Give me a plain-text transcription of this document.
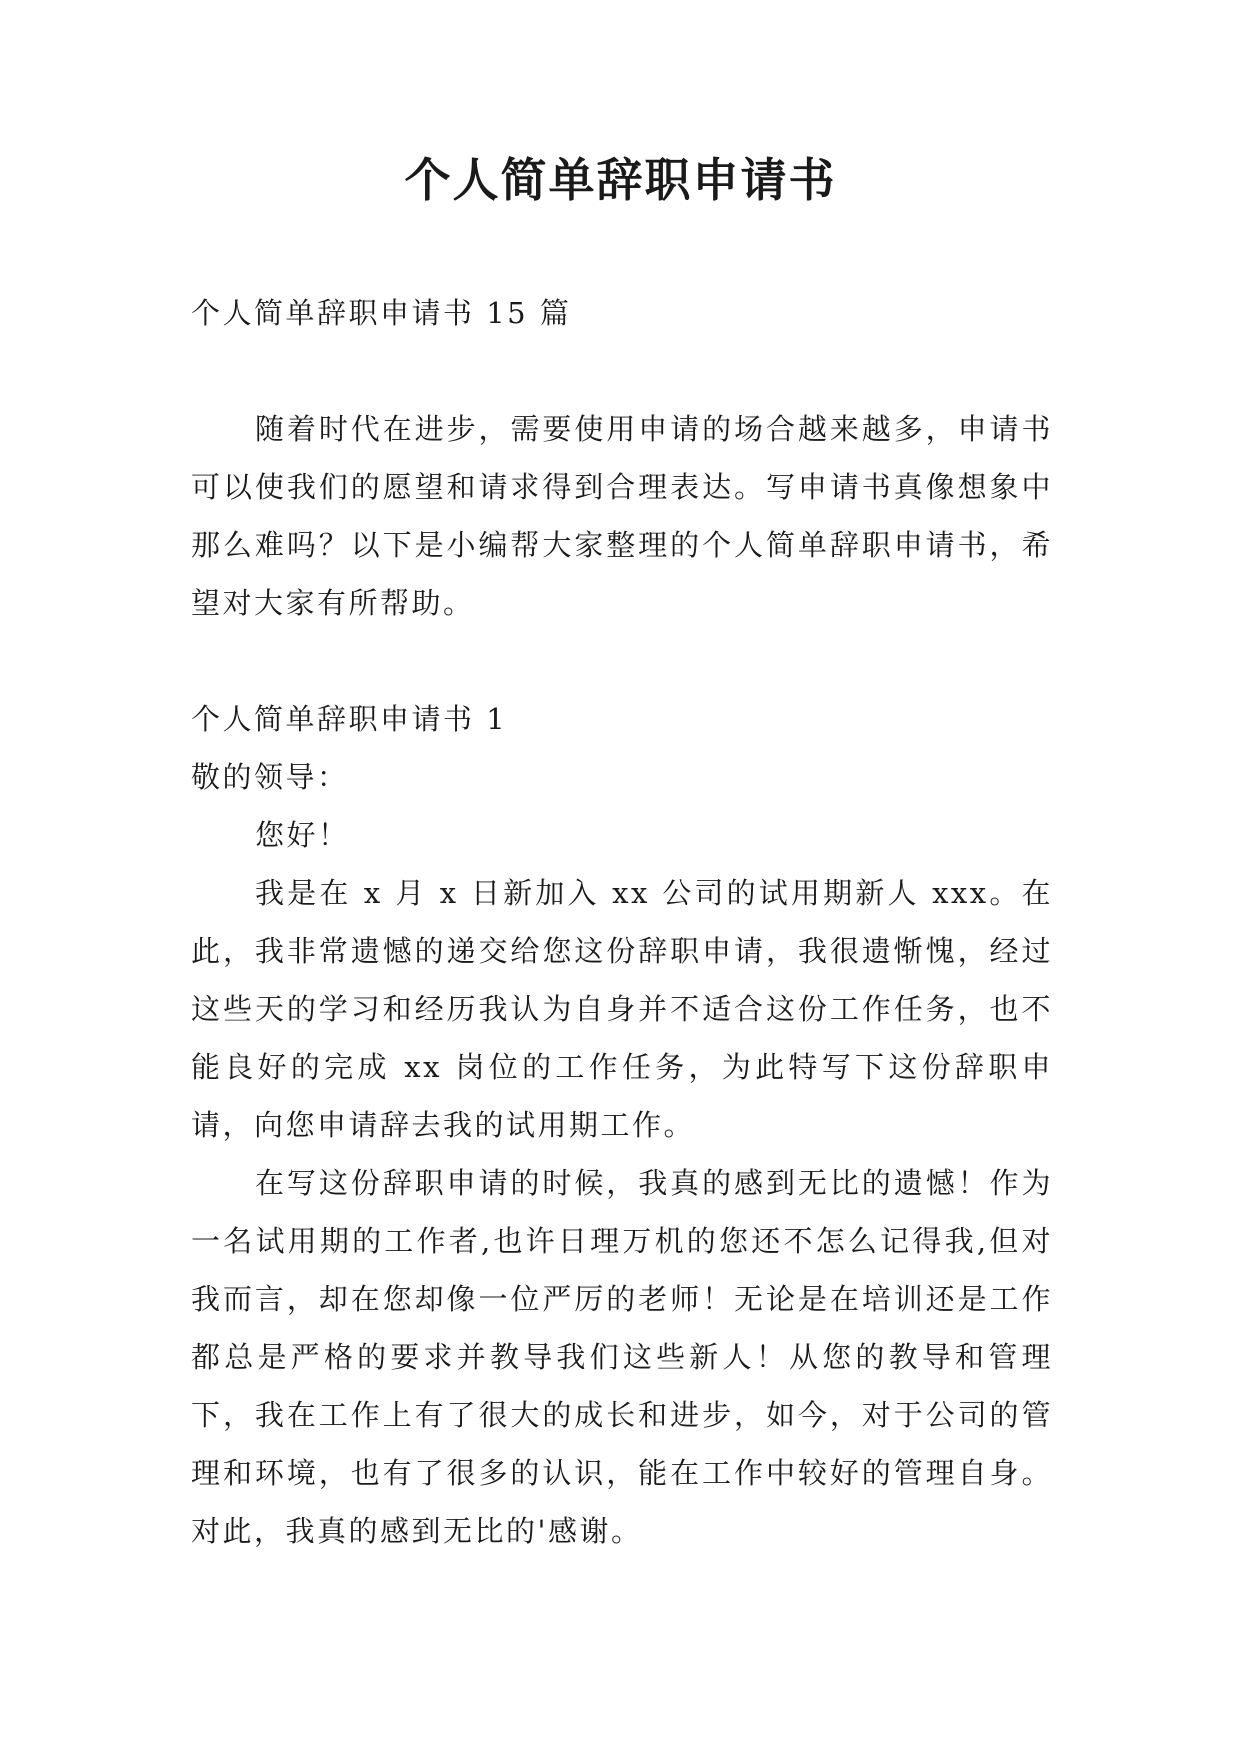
个人简单辞职申请书

个人简单辞职申请书 15 篇

随着时代在进步，需要使用申请的场合越来越多，申请书可以使我们的愿望和请求得到合理表达。写申请书真像想象中那么难吗？以下是小编帮大家整理的个人简单辞职申请书，希望对大家有所帮助。

个人简单辞职申请书 1

敬的领导：

您好！

我是在 x 月 x 日新加入 xx 公司的试用期新人 xxx。在此，我非常遗憾的递交给您这份辞职申请，我很遗惭愧，经过这些天的学习和经历我认为自身并不适合这份工作任务，也不能良好的完成 xx 岗位的工作任务，为此特写下这份辞职申请，向您申请辞去我的试用期工作。

在写这份辞职申请的时候，我真的感到无比的遗憾！作为一名试用期的工作者,也许日理万机的您还不怎么记得我,但对我而言，却在您却像一位严厉的老师！无论是在培训还是工作都总是严格的要求并教导我们这些新人！从您的教导和管理下，我在工作上有了很大的成长和进步，如今，对于公司的管理和环境，也有了很多的认识，能在工作中较好的管理自身。对此，我真的感到无比的'感谢。
